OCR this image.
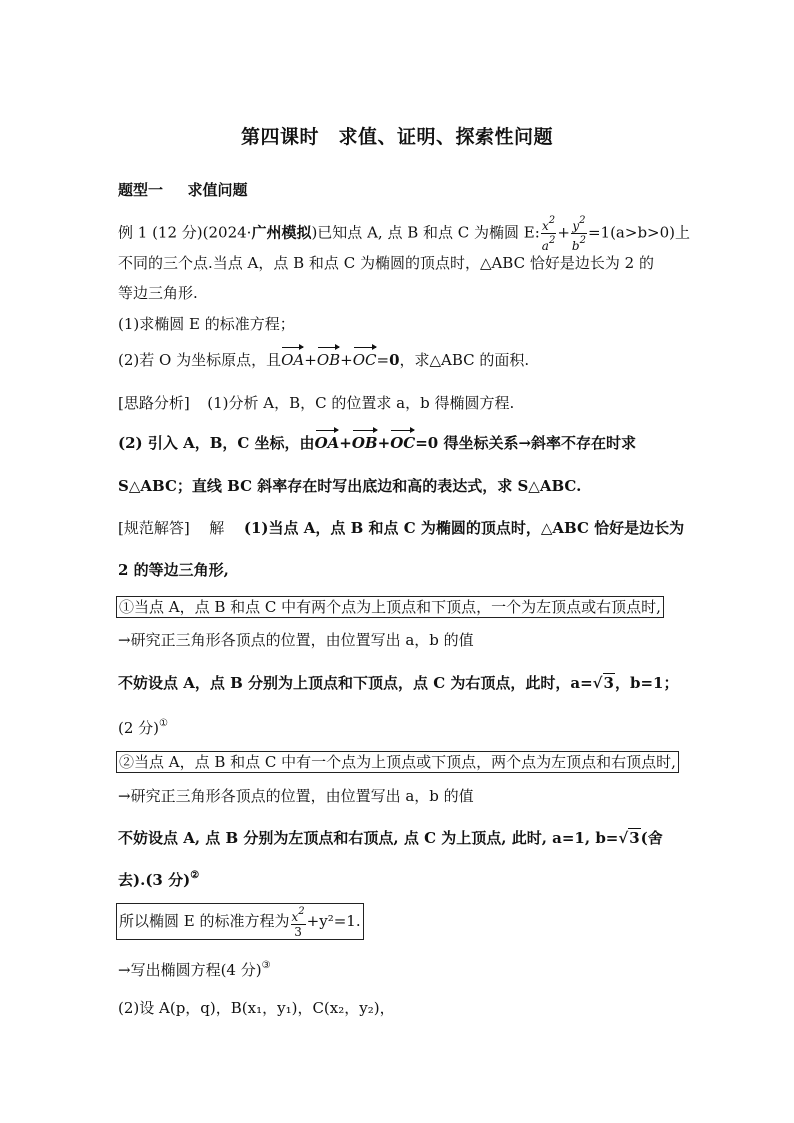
第四课时　求值、证明、探索性问题
题型一 求值问题
例 1 (12 分)(2024·广州模拟)已知点 A, 点 B 和点 C 为椭圆 E: $\frac{x^2}{a^2} + \frac{y^2}{b^2} =1(a>b>0)$上
不同的三个点.当点 A，点 B 和点 C 为椭圆的顶点时，△ABC 恰好是边长为 2 的
等边三角形.
(1)求椭圆 E 的标准方程；
(2)若 O 为坐标原点，且OA+OB+OC=0，求△ABC 的面积.
[思路分析] (1)分析 A，B，C 的位置求 a，b 得椭圆方程.
(2) 引入 A，B，C 坐标，由OA+OB+OC=0 得坐标关系→斜率不存在时求
S△ABC；直线 BC 斜率存在时写出底边和高的表达式，求 S△ABC.
[规范解答] 解 (1)当点 A，点 B 和点 C 为椭圆的顶点时，△ABC 恰好是边长为
2 的等边三角形,
①当点 A，点 B 和点 C 中有两个点为上顶点和下顶点，一个为左顶点或右顶点时,
→研究正三角形各顶点的位置，由位置写出 a，b 的值
不妨设点 A，点 B 分别为上顶点和下顶点，点 C 为右顶点，此时，a=√3，b=1；
(2 分)①
②当点 A，点 B 和点 C 中有一个点为上顶点或下顶点，两个点为左顶点和右顶点时,
→研究正三角形各顶点的位置，由位置写出 a，b 的值
不妨设点 A, 点 B 分别为左顶点和右顶点, 点 C 为上顶点, 此时, a=1, b=√3(舍
去).(3 分)②
所以椭圆 E 的标准方程为 $\frac{x^2}{3} +y^2=1$.
→写出椭圆方程(4 分)③
(2)设 A(p，q)，B(x₁，y₁)，C(x₂，y₂)，
